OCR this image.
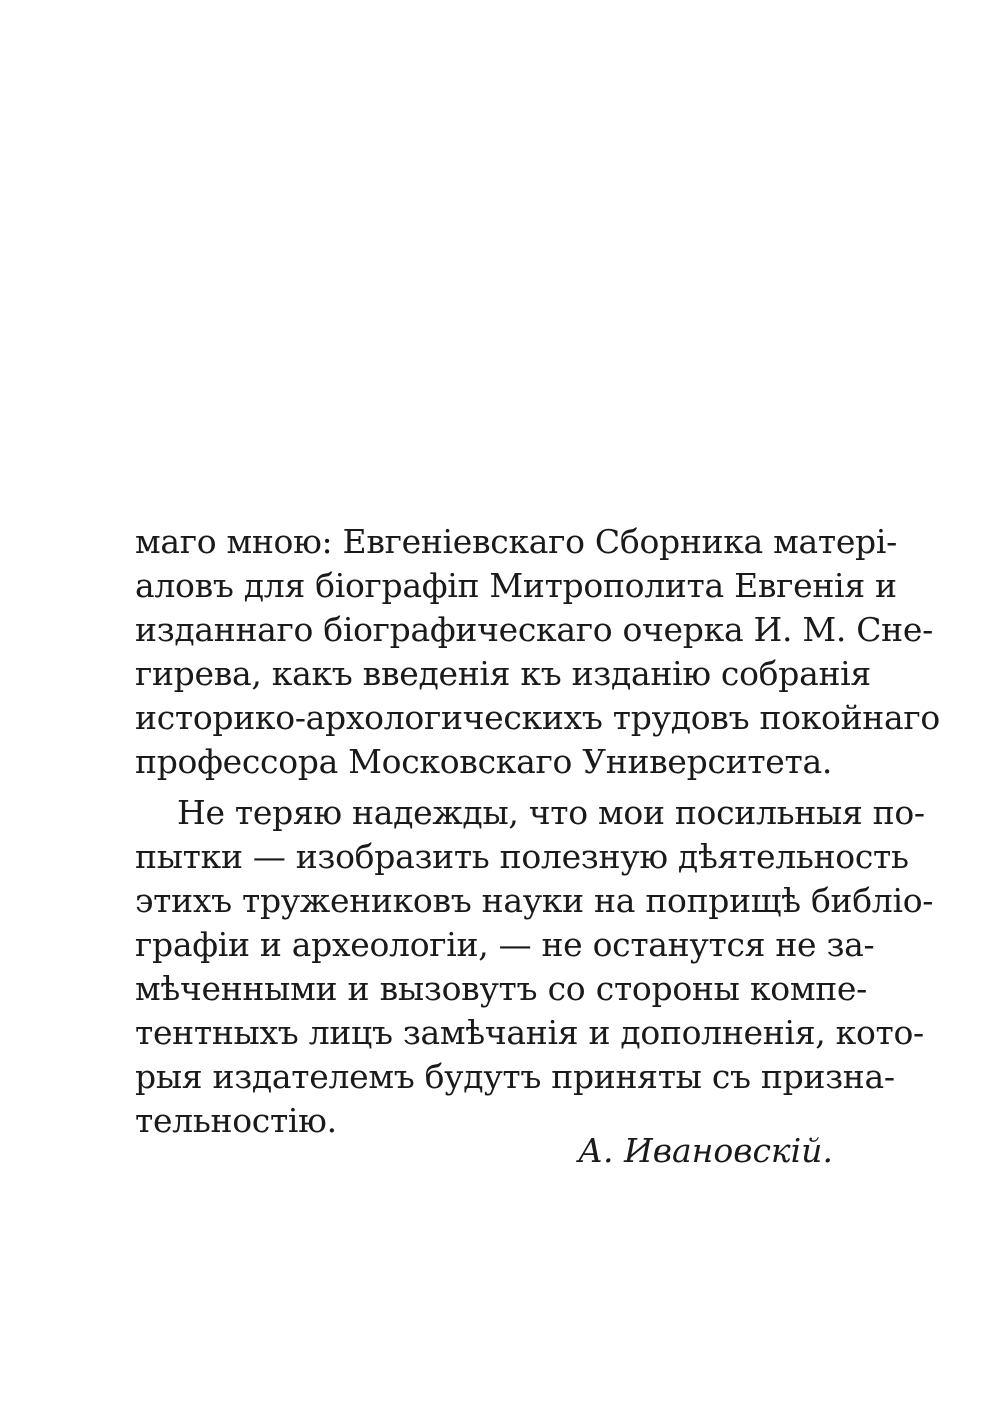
маго мною: Евгеніевскаго Сборника матері-
аловъ для біографіп Митрополита Евгенія и
изданнаго біографическаго очерка И. М. Сне-
гирева, какъ введенія къ изданію собранія
историко-арxологическихъ трудовъ покойнаго
профессора Московскаго Университета.
Не теряю надежды, что мои посильныя по-
пытки — изобразить полезную дѣятельность
этихъ тружениковъ науки на поприщѣ библіо-
графіи и археологіи, — не останутся не за-
мѣченными и вызовутъ со стороны компе-
тентныхъ лицъ замѣчанія и дополненія, кото-
рыя издателемъ будутъ приняты съ призна-
тельностію.
А. Ивановскій.
